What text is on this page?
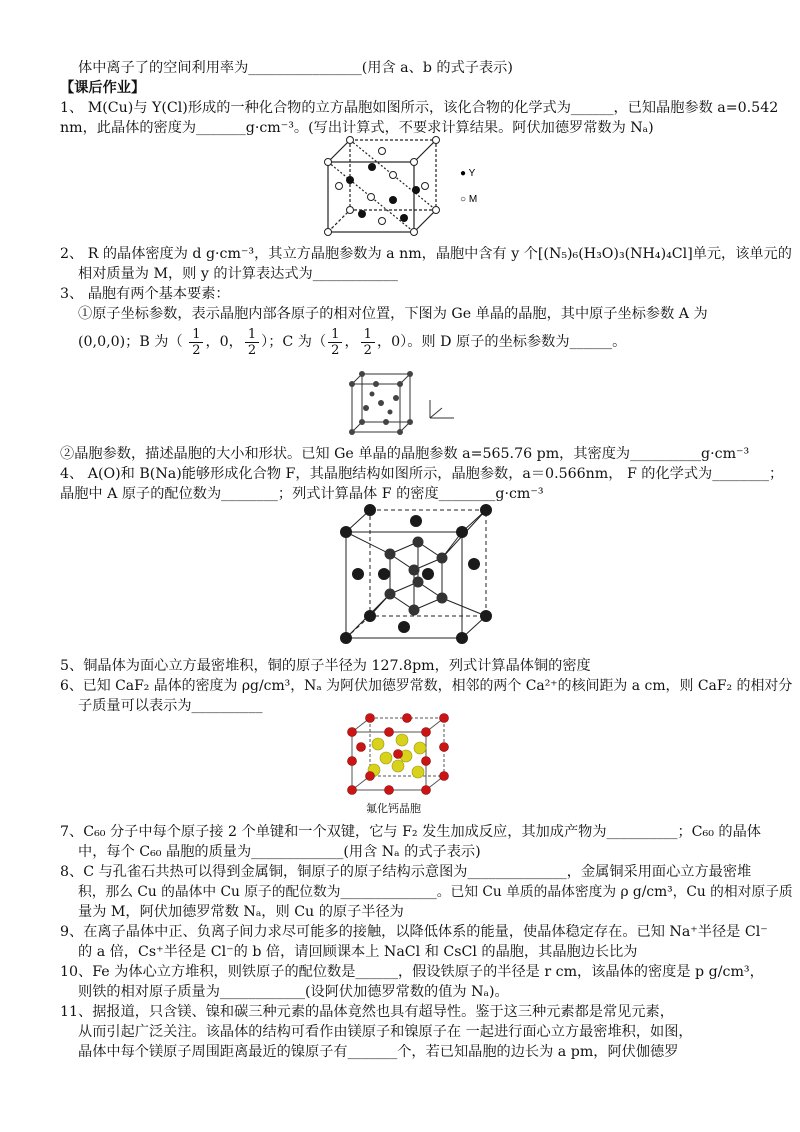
体中离子了的空间利用率为________________(用含 a、b 的式子表示)
【课后作业】
1、 M(Cu)与 Y(Cl)形成的一种化合物的立方晶胞如图所示，该化合物的化学式为______，已知晶胞参数 a=0.542
nm，此晶体的密度为_______g·cm⁻³。(写出计算式，不要求计算结果。阿伏加德罗常数为 Nₐ)
● Y
○ M
2、 R 的晶体密度为 d g·cm⁻³，其立方晶胞参数为 a nm，晶胞中含有 y 个[(N₅)₆(H₃O)₃(NH₄)₄Cl]单元，该单元的
相对质量为 M，则 y 的计算表达式为____________
3、 晶胞有两个基本要素：
①原子坐标参数，表示晶胞内部各原子的相对位置，下图为 Ge 单晶的晶胞，其中原子坐标参数 A 为
(0,0,0)；B 为（ $\frac{1}{2}$ ，0， $\frac{1}{2}$ ）；C 为（ $\frac{1}{2}$ ， $\frac{1}{2}$ ，0）。则 D 原子的坐标参数为______。
②晶胞参数，描述晶胞的大小和形状。已知 Ge 单晶的晶胞参数 a=565.76 pm，其密度为__________g·cm⁻³
4、 A(O)和 B(Na)能够形成化合物 F，其晶胞结构如图所示，晶胞参数，a＝0.566nm， F 的化学式为________；
晶胞中 A 原子的配位数为________；列式计算晶体 F 的密度________g·cm⁻³
5、铜晶体为面心立方最密堆积，铜的原子半径为 127.8pm，列式计算晶体铜的密度
6、已知 CaF₂ 晶体的密度为 ρg/cm³，Nₐ 为阿伏加德罗常数，相邻的两个 Ca²⁺的核间距为 a cm，则 CaF₂ 的相对分
子质量可以表示为__________
氟化钙晶胞
7、C₆₀ 分子中每个原子接 2 个单键和一个双键，它与 F₂ 发生加成反应，其加成产物为__________；C₆₀ 的晶体
中，每个 C₆₀ 晶胞的质量为_____________(用含 Nₐ 的式子表示)
8、C 与孔雀石共热可以得到金属铜，铜原子的原子结构示意图为______________，金属铜采用面心立方最密堆
积，那么 Cu 的晶体中 Cu 原子的配位数为______________。已知 Cu 单质的晶体密度为 ρ g/cm³，Cu 的相对原子质
量为 M，阿伏加德罗常数 Nₐ，则 Cu 的原子半径为
9、在离子晶体中正、负离子间力求尽可能多的接触，以降低体系的能量，使晶体稳定存在。已知 Na⁺半径是 Cl⁻
的 a 倍，Cs⁺半径是 Cl⁻的 b 倍，请回顾课本上 NaCl 和 CsCl 的晶胞，其晶胞边长比为
10、Fe 为体心立方堆积，则铁原子的配位数是______，假设铁原子的半径是 r cm，该晶体的密度是 p g/cm³，
则铁的相对原子质量为____________(设阿伏加德罗常数的值为 Nₐ)。
11、据报道，只含镁、镍和碳三种元素的晶体竟然也具有超导性。鉴于这三种元素都是常见元素，
从而引起广泛关注。该晶体的结构可看作由镁原子和镍原子在 一起进行面心立方最密堆积，如图，
晶体中每个镁原子周围距离最近的镍原子有_______个，若已知晶胞的边长为 a pm，阿伏伽德罗
